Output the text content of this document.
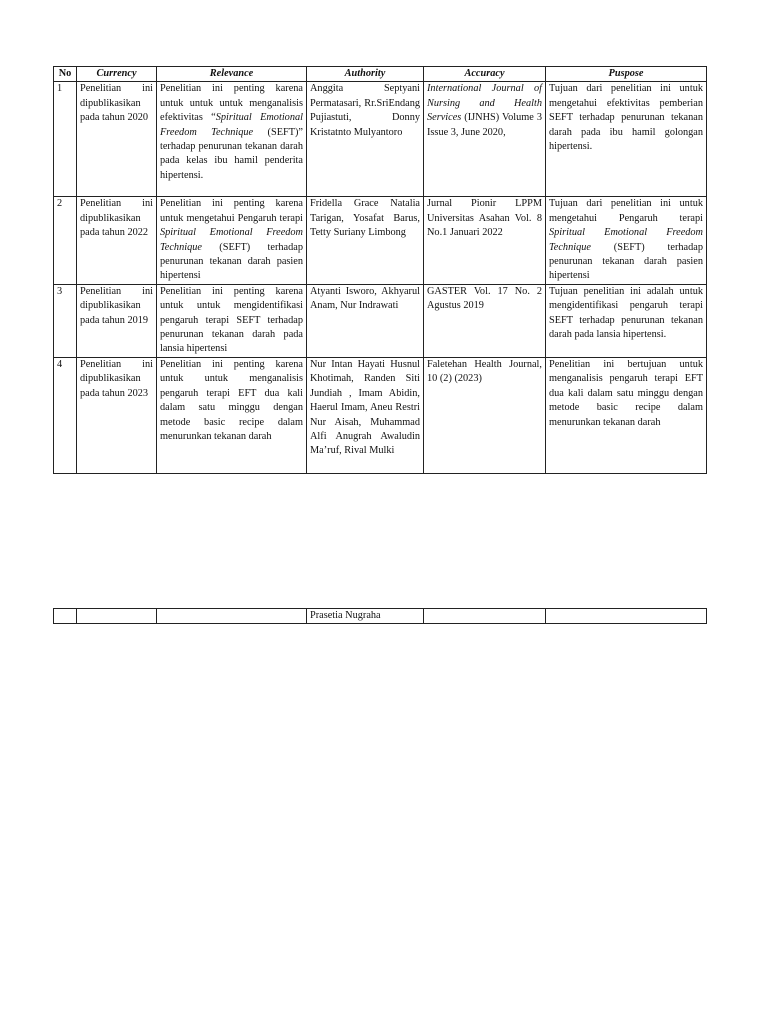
No	Currency	Relevance	Authority	Accuracy	Puspose
1	Penelitian ini dipublikasikan pada tahun 2020	Penelitian ini penting karena untuk untuk untuk menganalisis efektivitas “Spiritual Emotional Freedom Technique (SEFT)” terhadap penurunan tekanan darah pada kelas ibu hamil penderita hipertensi.	Anggita Septyani Permatasari, Rr.SriEndang Pujiastuti, Donny Kristatnto Mulyantoro	International Journal of Nursing and Health Services (IJNHS) Volume 3 Issue 3, June 2020,	Tujuan dari penelitian ini untuk mengetahui efektivitas pemberian SEFT terhadap penurunan tekanan darah pada ibu hamil golongan hipertensi.
2	Penelitian ini dipublikasikan pada tahun 2022	Penelitian ini penting karena untuk mengetahui Pengaruh terapi Spiritual Emotional Freedom Technique (SEFT) terhadap penurunan tekanan darah pasien hipertensi	Fridella Grace Natalia Tarigan, Yosafat Barus, Tetty Suriany Limbong	Jurnal Pionir LPPM Universitas Asahan Vol. 8 No.1 Januari 2022	Tujuan dari penelitian ini untuk mengetahui Pengaruh terapi Spiritual Emotional Freedom Technique (SEFT) terhadap penurunan tekanan darah pasien hipertensi
3	Penelitian ini dipublikasikan pada tahun 2019	Penelitian ini penting karena untuk untuk mengidentifikasi pengaruh terapi SEFT terhadap penurunan tekanan darah pada lansia hipertensi	Atyanti Isworo, Akhyarul Anam, Nur Indrawati	GASTER Vol. 17 No. 2 Agustus 2019	Tujuan penelitian ini adalah untuk mengidentifikasi pengaruh terapi SEFT terhadap penurunan tekanan darah pada lansia hipertensi.
4	Penelitian ini dipublikasikan pada tahun 2023	Penelitian ini penting karena untuk untuk menganalisis pengaruh terapi EFT dua kali dalam satu minggu dengan metode basic recipe dalam menurunkan tekanan darah	Nur Intan Hayati Husnul Khotimah, Randen Siti Jundiah , Imam Abidin, Haerul Imam, Aneu Restri Nur Aisah, Muhammad Alfi Anugrah Awaludin Ma’ruf, Rival Mulki	Faletehan Health Journal, 10 (2) (2023)	Penelitian ini bertujuan untuk menganalisis pengaruh terapi EFT dua kali dalam satu minggu dengan metode basic recipe dalam menurunkan tekanan darah
			Prasetia Nugraha		
